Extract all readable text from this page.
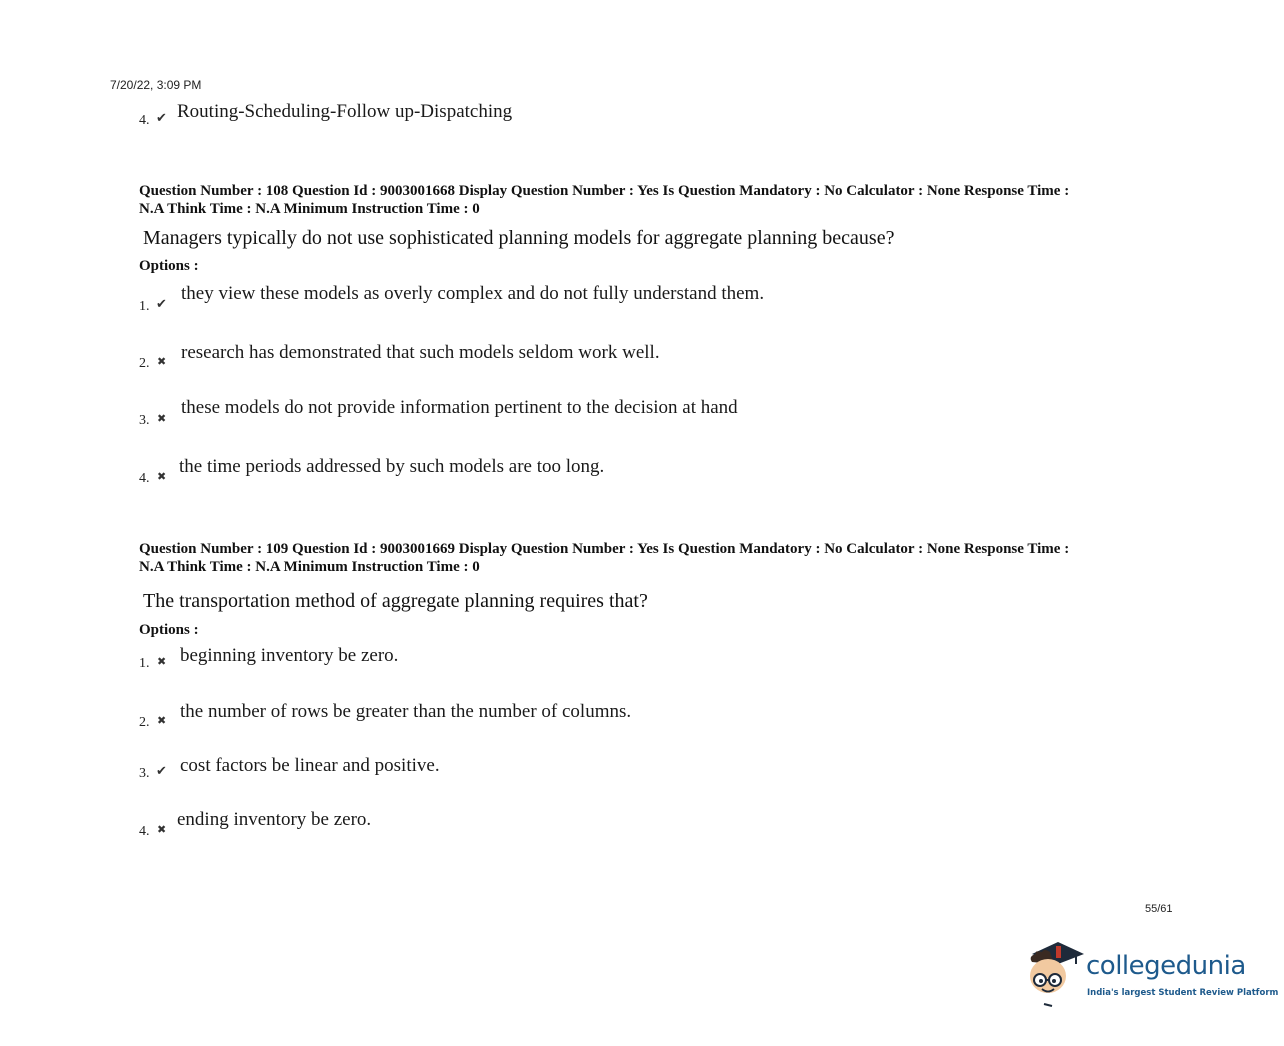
7/20/22, 3:09 PM
4. ✔ Routing-Scheduling-Follow up-Dispatching
Question Number : 108 Question Id : 9003001668 Display Question Number : Yes Is Question Mandatory : No Calculator : None Response Time :
N.A Think Time : N.A Minimum Instruction Time : 0
Managers typically do not use sophisticated planning models for aggregate planning because?
Options :
1. ✔ they view these models as overly complex and do not fully understand them.
2. ✖ research has demonstrated that such models seldom work well.
3. ✖
these models do not provide information pertinent to the decision at hand
4. ✖ the time periods addressed by such models are too long.
Question Number : 109 Question Id : 9003001669 Display Question Number : Yes Is Question Mandatory : No Calculator : None Response Time :
N.A Think Time : N.A Minimum Instruction Time : 0
The transportation method of aggregate planning requires that?
Options :
1. ✖ beginning inventory be zero.
2. ✖ the number of rows be greater than the number of columns.
3. ✔ cost factors be linear and positive.
4. ✖ ending inventory be zero.
55/61
collegedunia
India's largest Student Review Platform
